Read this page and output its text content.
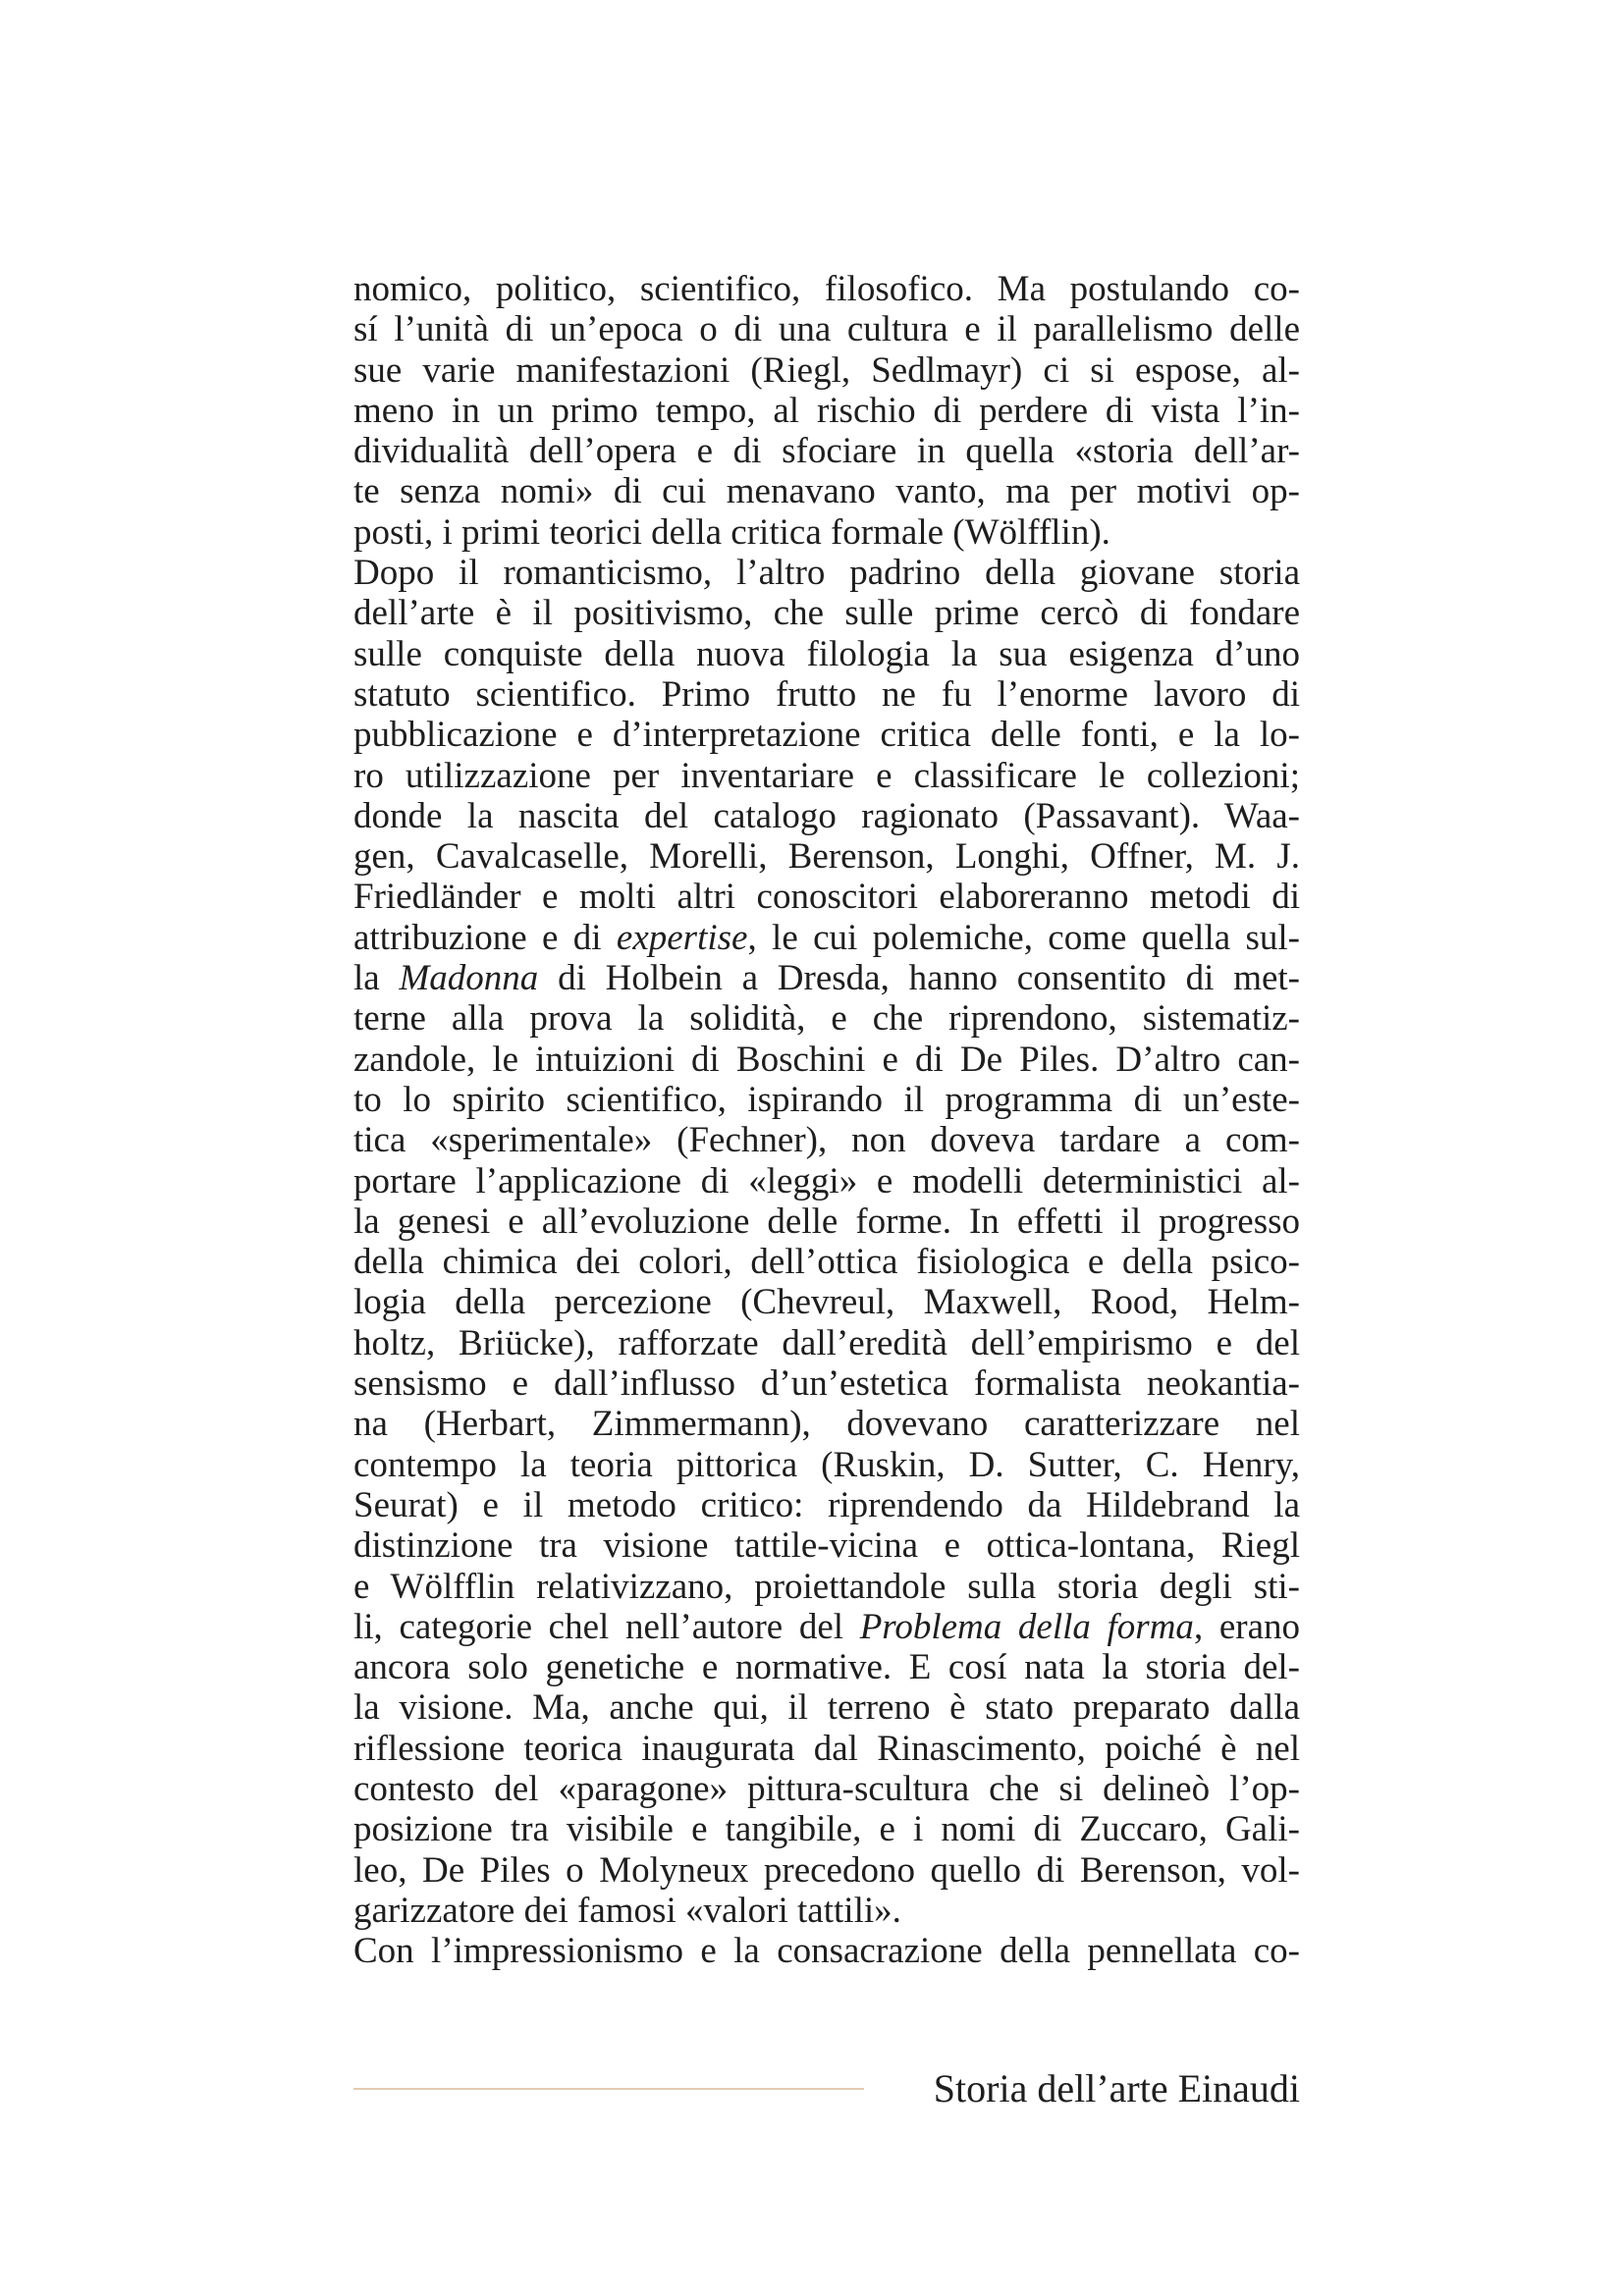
nomico, politico, scientifico, filosofico. Ma postulando co-
sí l’unità di un’epoca o di una cultura e il parallelismo delle
sue varie manifestazioni (Riegl, Sedlmayr) ci si espose, al-
meno in un primo tempo, al rischio di perdere di vista l’in-
dividualità dell’opera e di sfociare in quella «storia dell’ar-
te senza nomi» di cui menavano vanto, ma per motivi op-
posti, i primi teorici della critica formale (Wölfflin).
Dopo il romanticismo, l’altro padrino della giovane storia
dell’arte è il positivismo, che sulle prime cercò di fondare
sulle conquiste della nuova filologia la sua esigenza d’uno
statuto scientifico. Primo frutto ne fu l’enorme lavoro di
pubblicazione e d’interpretazione critica delle fonti, e la lo-
ro utilizzazione per inventariare e classificare le collezioni;
donde la nascita del catalogo ragionato (Passavant). Waa-
gen, Cavalcaselle, Morelli, Berenson, Longhi, Offner, M. J.
Friedländer e molti altri conoscitori elaboreranno metodi di
attribuzione e di expertise, le cui polemiche, come quella sul-
la Madonna di Holbein a Dresda, hanno consentito di met-
terne alla prova la solidità, e che riprendono, sistematiz-
zandole, le intuizioni di Boschini e di De Piles. D’altro can-
to lo spirito scientifico, ispirando il programma di un’este-
tica «sperimentale» (Fechner), non doveva tardare a com-
portare l’applicazione di «leggi» e modelli deterministici al-
la genesi e all’evoluzione delle forme. In effetti il progresso
della chimica dei colori, dell’ottica fisiologica e della psico-
logia della percezione (Chevreul, Maxwell, Rood, Helm-
holtz, Briücke), rafforzate dall’eredità dell’empirismo e del
sensismo e dall’influsso d’un’estetica formalista neokantia-
na (Herbart, Zimmermann), dovevano caratterizzare nel
contempo la teoria pittorica (Ruskin, D. Sutter, C. Henry,
Seurat) e il metodo critico: riprendendo da Hildebrand la
distinzione tra visione tattile-vicina e ottica-lontana, Riegl
e Wölfflin relativizzano, proiettandole sulla storia degli sti-
li, categorie chel nell’autore del Problema della forma, erano
ancora solo genetiche e normative. E cosí nata la storia del-
la visione. Ma, anche qui, il terreno è stato preparato dalla
riflessione teorica inaugurata dal Rinascimento, poiché è nel
contesto del «paragone» pittura-scultura che si delineò l’op-
posizione tra visibile e tangibile, e i nomi di Zuccaro, Gali-
leo, De Piles o Molyneux precedono quello di Berenson, vol-
garizzatore dei famosi «valori tattili».
Con l’impressionismo e la consacrazione della pennellata co-
Storia dell’arte Einaudi
